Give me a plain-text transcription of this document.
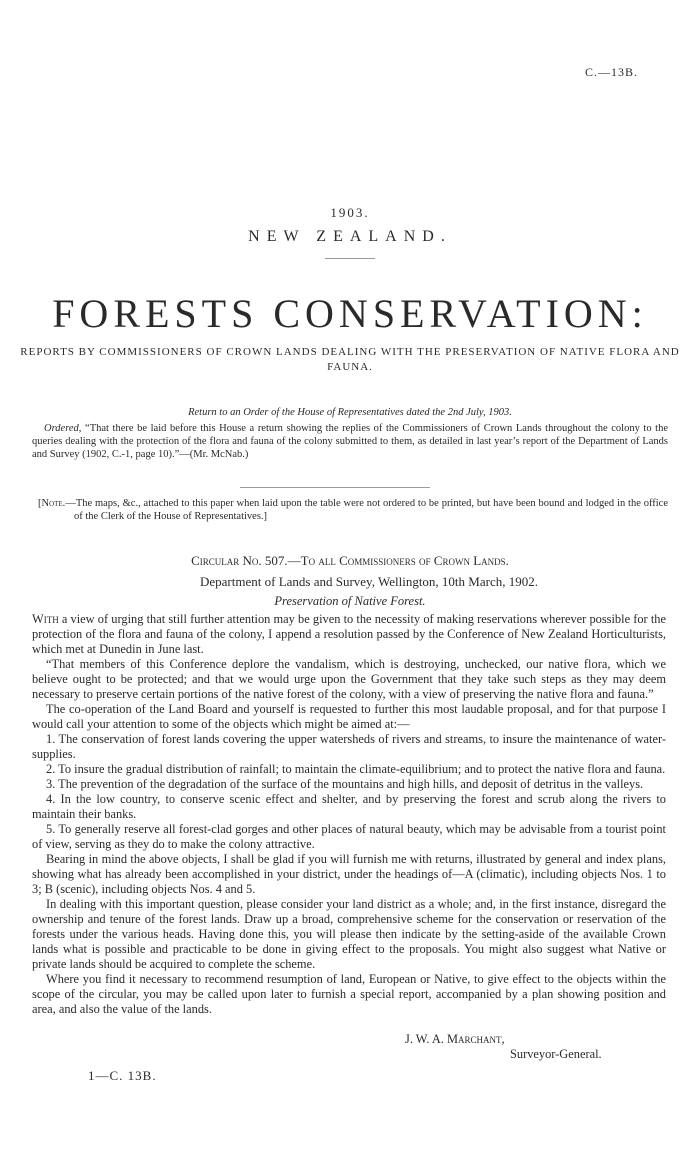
C.—13B.
1903.
NEW ZEALAND.
FORESTS CONSERVATION:
REPORTS BY COMMISSIONERS OF CROWN LANDS DEALING WITH THE PRESERVATION OF NATIVE FLORA AND FAUNA.
Return to an Order of the House of Representatives dated the 2nd July, 1903.
Ordered, “That there be laid before this House a return showing the replies of the Commissioners of Crown Lands throughout the colony to the queries dealing with the protection of the flora and fauna of the colony submitted to them, as detailed in last year’s report of the Department of Lands and Survey (1902, C.-1, page 10).”—(Mr. McNab.)
[Note.—The maps, &c., attached to this paper when laid upon the table were not ordered to be printed, but have been bound and lodged in the office of the Clerk of the House of Representatives.]
Circular No. 507.—To all Commissioners of Crown Lands.
Department of Lands and Survey, Wellington, 10th March, 1902.
Preservation of Native Forest.

With a view of urging that still further attention may be given to the necessity of making reservations wherever possible for the protection of the flora and fauna of the colony, I append a resolution passed by the Conference of New Zealand Horticulturists, which met at Dunedin in June last.

“That members of this Conference deplore the vandalism, which is destroying, unchecked, our native flora, which we believe ought to be protected; and that we would urge upon the Government that they take such steps as they may deem necessary to preserve certain portions of the native forest of the colony, with a view of preserving the native flora and fauna.”

The co-operation of the Land Board and yourself is requested to further this most laudable proposal, and for that purpose I would call your attention to some of the objects which might be aimed at:—

1. The conservation of forest lands covering the upper watersheds of rivers and streams, to insure the maintenance of water-supplies.

2. To insure the gradual distribution of rainfall; to maintain the climate-equilibrium; and to protect the native flora and fauna.

3. The prevention of the degradation of the surface of the mountains and high hills, and deposit of detritus in the valleys.

4. In the low country, to conserve scenic effect and shelter, and by preserving the forest and scrub along the rivers to maintain their banks.

5. To generally reserve all forest-clad gorges and other places of natural beauty, which may be advisable from a tourist point of view, serving as they do to make the colony attractive.

Bearing in mind the above objects, I shall be glad if you will furnish me with returns, illustrated by general and index plans, showing what has already been accomplished in your district, under the headings of—A (climatic), including objects Nos. 1 to 3; B (scenic), including objects Nos. 4 and 5.

In dealing with this important question, please consider your land district as a whole; and, in the first instance, disregard the ownership and tenure of the forest lands. Draw up a broad, comprehensive scheme for the conservation or reservation of the forests under the various heads. Having done this, you will please then indicate by the setting-aside of the available Crown lands what is possible and practicable to be done in giving effect to the proposals. You might also suggest what Native or private lands should be acquired to complete the scheme.

Where you find it necessary to recommend resumption of land, European or Native, to give effect to the objects within the scope of the circular, you may be called upon later to furnish a special report, accompanied by a plan showing position and area, and also the value of the lands.

J. W. A. Marchant,
Surveyor-General.
1—C. 13B.
